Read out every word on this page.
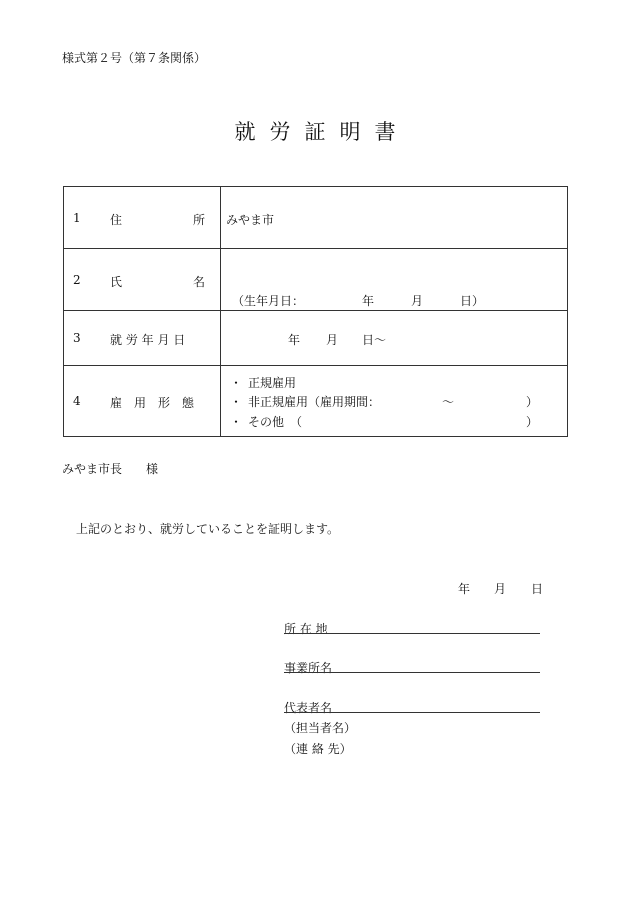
様式第２号（第７条関係）
就労証明書
1 住	所 みやま市
2 氏	名
（生年月日：	年	月	日）
3 就 労 年 月 日	年 月 日〜
4 雇　用　形　態
・ 正規雇用
・ 非正規雇用（雇用期間：	〜	）
・ その他　（	）
みやま市長　　様
上記のとおり、就労していることを証明します。
年 月 日
所 在 地
事業所名
代表者名
（担当者名）
（連 絡 先）
